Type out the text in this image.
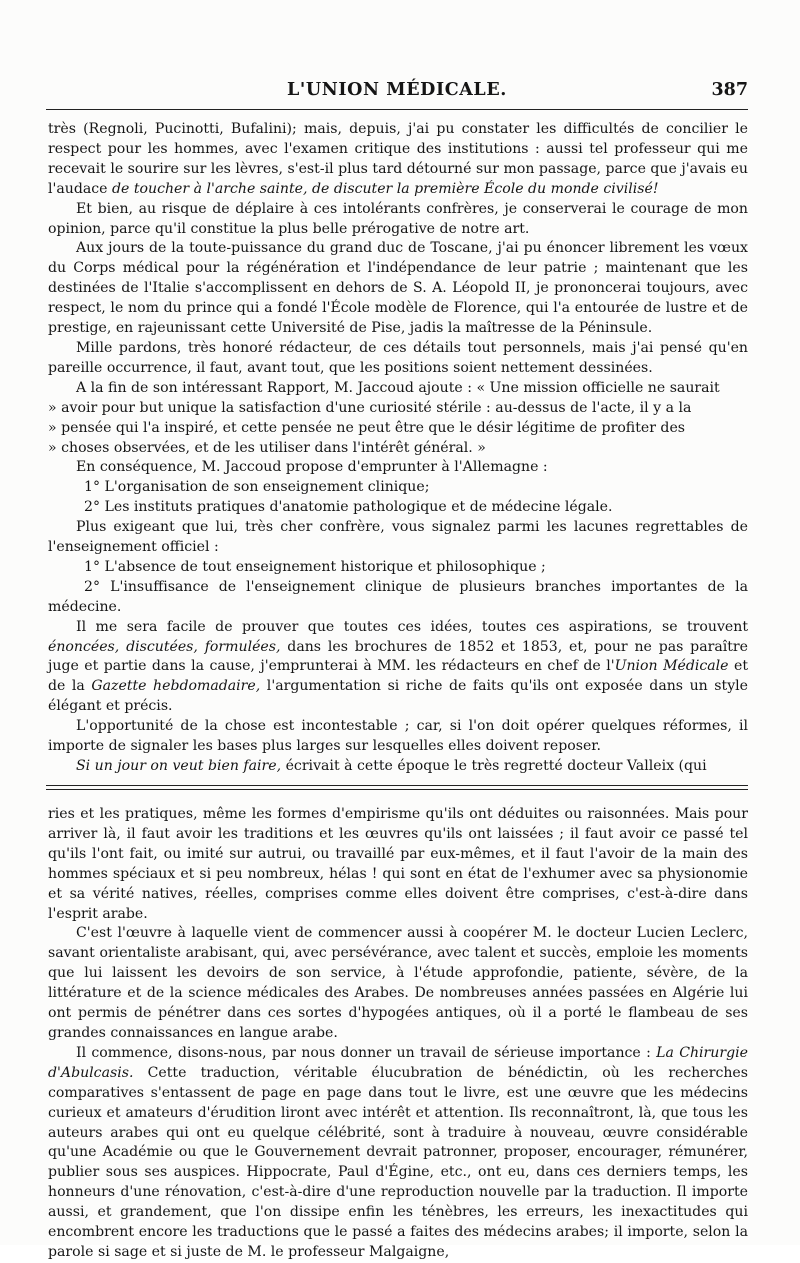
L'UNION MÉDICALE.	387

très (Regnoli, Pucinotti, Bufalini); mais, depuis, j'ai pu constater les difficultés de concilier le respect pour les hommes, avec l'examen critique des institutions : aussi tel professeur qui me recevait le sourire sur les lèvres, s'est-il plus tard détourné sur mon passage, parce que j'avais eu l'audace de toucher à l'arche sainte, de discuter la première École du monde civilisé!

Et bien, au risque de déplaire à ces intolérants confrères, je conserverai le courage de mon opinion, parce qu'il constitue la plus belle prérogative de notre art.

Aux jours de la toute-puissance du grand duc de Toscane, j'ai pu énoncer librement les vœux du Corps médical pour la régénération et l'indépendance de leur patrie ; maintenant que les destinées de l'Italie s'accomplissent en dehors de S. A. Léopold II, je prononcerai toujours, avec respect, le nom du prince qui a fondé l'École modèle de Florence, qui l'a entourée de lustre et de prestige, en rajeunissant cette Université de Pise, jadis la maîtresse de la Péninsule.

Mille pardons, très honoré rédacteur, de ces détails tout personnels, mais j'ai pensé qu'en pareille occurrence, il faut, avant tout, que les positions soient nettement dessinées.

A la fin de son intéressant Rapport, M. Jaccoud ajoute : « Une mission officielle ne saurait

» avoir pour but unique la satisfaction d'une curiosité stérile : au-dessus de l'acte, il y a la

» pensée qui l'a inspiré, et cette pensée ne peut être que le désir légitime de profiter des

» choses observées, et de les utiliser dans l'intérêt général. »

En conséquence, M. Jaccoud propose d'emprunter à l'Allemagne :

1° L'organisation de son enseignement clinique;

2° Les instituts pratiques d'anatomie pathologique et de médecine légale.

Plus exigeant que lui, très cher confrère, vous signalez parmi les lacunes regrettables de l'enseignement officiel :

1° L'absence de tout enseignement historique et philosophique ;

2° L'insuffisance de l'enseignement clinique de plusieurs branches importantes de la médecine.

Il me sera facile de prouver que toutes ces idées, toutes ces aspirations, se trouvent énoncées, discutées, formulées, dans les brochures de 1852 et 1853, et, pour ne pas paraître juge et partie dans la cause, j'emprunterai à MM. les rédacteurs en chef de l'Union Médicale et de la Gazette hebdomadaire, l'argumentation si riche de faits qu'ils ont exposée dans un style élégant et précis.

L'opportunité de la chose est incontestable ; car, si l'on doit opérer quelques réformes, il importe de signaler les bases plus larges sur lesquelles elles doivent reposer.

Si un jour on veut bien faire, écrivait à cette époque le très regretté docteur Valleix (qui

ries et les pratiques, même les formes d'empirisme qu'ils ont déduites ou raisonnées. Mais pour arriver là, il faut avoir les traditions et les œuvres qu'ils ont laissées ; il faut avoir ce passé tel qu'ils l'ont fait, ou imité sur autrui, ou travaillé par eux-mêmes, et il faut l'avoir de la main des hommes spéciaux et si peu nombreux, hélas ! qui sont en état de l'exhumer avec sa physionomie et sa vérité natives, réelles, comprises comme elles doivent être comprises, c'est-à-dire dans l'esprit arabe.

C'est l'œuvre à laquelle vient de commencer aussi à coopérer M. le docteur Lucien Leclerc, savant orientaliste arabisant, qui, avec persévérance, avec talent et succès, emploie les moments que lui laissent les devoirs de son service, à l'étude approfondie, patiente, sévère, de la littérature et de la science médicales des Arabes. De nombreuses années passées en Algérie lui ont permis de pénétrer dans ces sortes d'hypogées antiques, où il a porté le flambeau de ses grandes connaissances en langue arabe.

Il commence, disons-nous, par nous donner un travail de sérieuse importance : La Chirurgie d'Abulcasis. Cette traduction, véritable élucubration de bénédictin, où les recherches comparatives s'entassent de page en page dans tout le livre, est une œuvre que les médecins curieux et amateurs d'érudition liront avec intérêt et attention. Ils reconnaîtront, là, que tous les auteurs arabes qui ont eu quelque célébrité, sont à traduire à nouveau, œuvre considérable qu'une Académie ou que le Gouvernement devrait patronner, proposer, encourager, rémunérer, publier sous ses auspices. Hippocrate, Paul d'Égine, etc., ont eu, dans ces derniers temps, les honneurs d'une rénovation, c'est-à-dire d'une reproduction nouvelle par la traduction. Il importe aussi, et grandement, que l'on dissipe enfin les ténèbres, les erreurs, les inexactitudes qui encombrent encore les traductions que le passé a faites des médecins arabes; il importe, selon la parole si sage et si juste de M. le professeur Malgaigne,
